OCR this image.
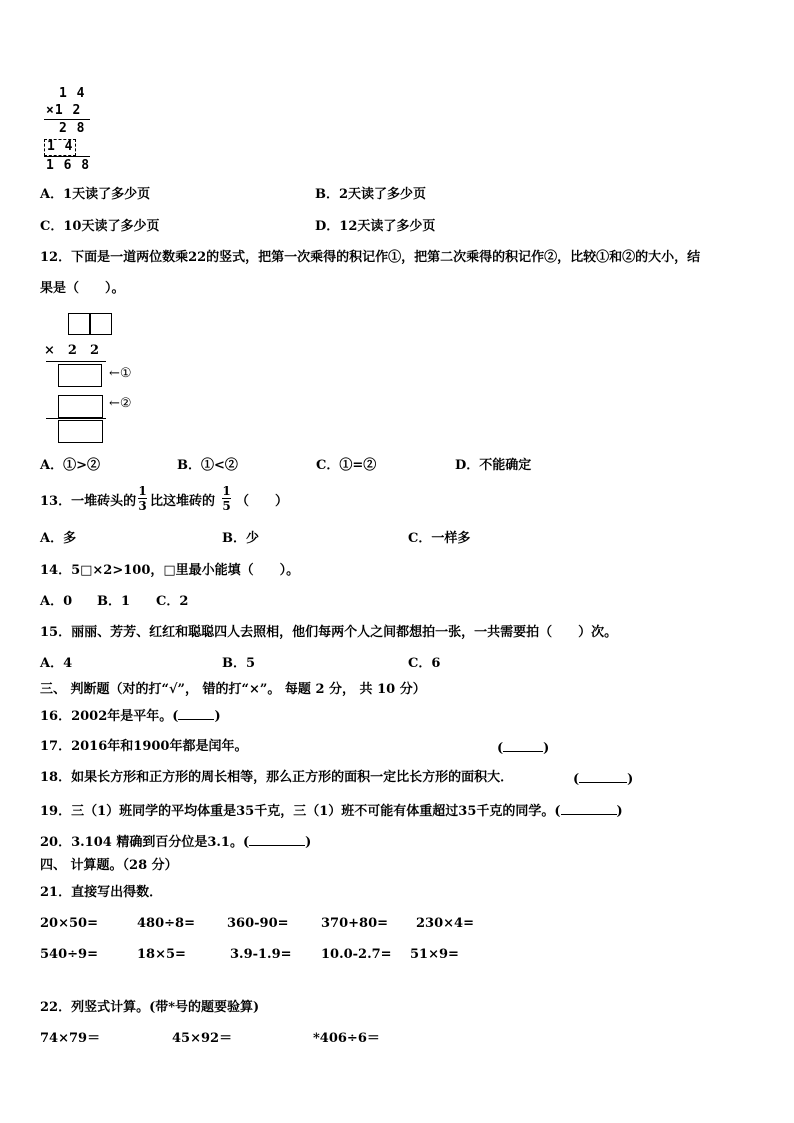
1 4
×1 2
2 8
1 4
1 6 8
A．1天读了多少页	B．2天读了多少页
C．10天读了多少页	D．12天读了多少页
12．下面是一道两位数乘22的竖式，把第一次乘得的积记作①，把第二次乘得的积记作②，比较①和②的大小，结
果是（　　）。
×　2　2
←①
←②
A．①>②	B．①<②	C．①=②	D．不能确定
13．一堆砖头的
1
3 比这堆砖的
1
5 （　　）
A．多	B．少	C．一样多
14．5□×2>100，□里最小能填（　　）。
A．0 B．1 C．2
15．丽丽、芳芳、红红和聪聪四人去照相，他们每两个人之间都想拍一张，一共需要拍（　　）次。
A．4	B．5	C．6
三、 判断题（对的打“√”， 错的打“×”。 每题 2 分， 共 10 分）
16．2002年是平年。(	)
17．2016年和1900年都是闰年。	(	)
18．如果长方形和正方形的周长相等，那么正方形的面积一定比长方形的面积大．	(	)
19．三（1）班同学的平均体重是35千克，三（1）班不可能有体重超过35千克的同学。(	)
20．3.104 精确到百分位是3.1。(	)
四、 计算题。（28 分）
21．直接写出得数．
20×50=	480÷8= 360-90= 370+80= 230×4=
540÷9=	18×5=	3.9-1.9= 10.0-2.7= 51×9=
22．列竖式计算。(带*号的题要验算)
74×79＝	45×92＝	*406÷6＝
